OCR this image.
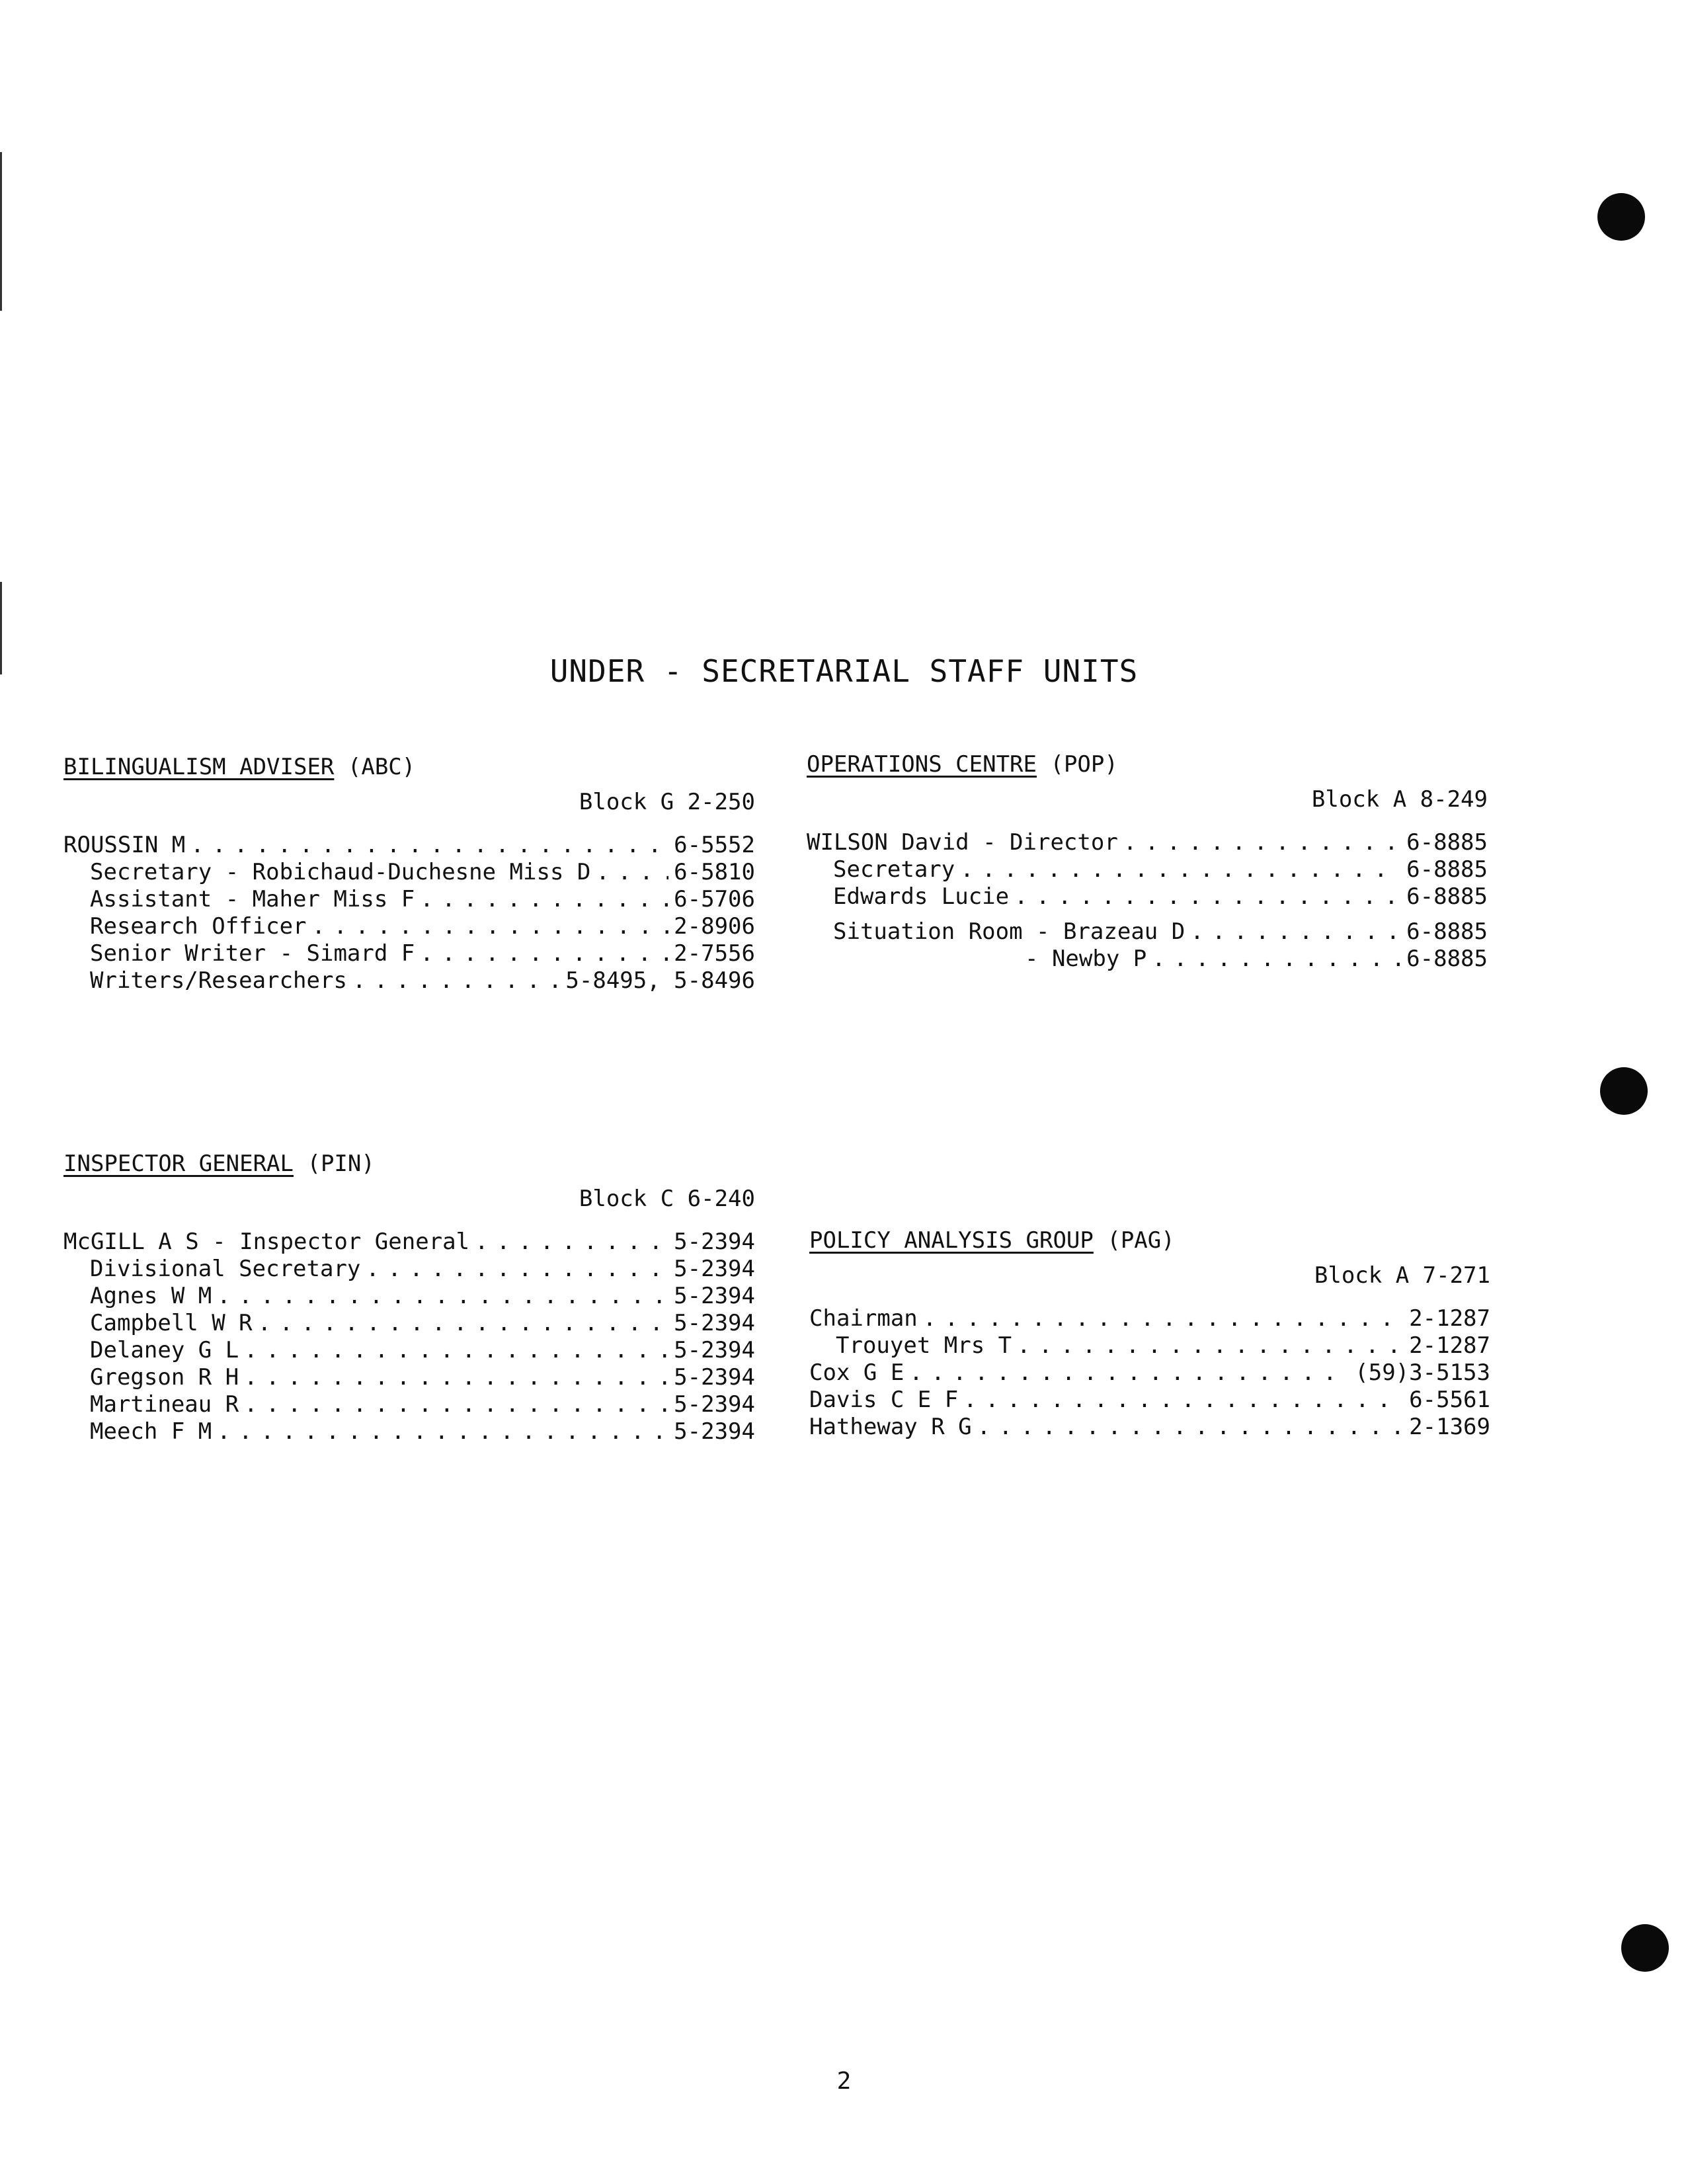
UNDER - SECRETARIAL STAFF UNITS
BILINGUALISM ADVISER (ABC)
Block G 2-250
ROUSSIN M . . .	6-5552
Secretary - Robichaud-Duchesne Miss D . . .	6-5810
Assistant - Maher Miss F . . .	6-5706
Research Officer . . .	2-8906
Senior Writer - Simard F . . .	2-7556
Writers/Researchers . . .	5-8495, 5-8496
OPERATIONS CENTRE (POP)
Block A 8-249
WILSON David - Director . . .	6-8885
Secretary . . .	6-8885
Edwards Lucie . . .	6-8885
Situation Room - Brazeau D . . .	6-8885
- Newby P . . .	6-8885
INSPECTOR GENERAL (PIN)
Block C 6-240
McGILL A S - Inspector General . . .	5-2394
Divisional Secretary . . .	5-2394
Agnes W M . . .	5-2394
Campbell W R . . .	5-2394
Delaney G L . . .	5-2394
Gregson R H . . .	5-2394
Martineau R . . .	5-2394
Meech F M . . .	5-2394
POLICY ANALYSIS GROUP (PAG)
Block A 7-271
Chairman . . .	2-1287
Trouyet Mrs T . . .	2-1287
Cox G E . . .	(59)3-5153
Davis C E F . . .	6-5561
Hatheway R G . . .	2-1369
2
